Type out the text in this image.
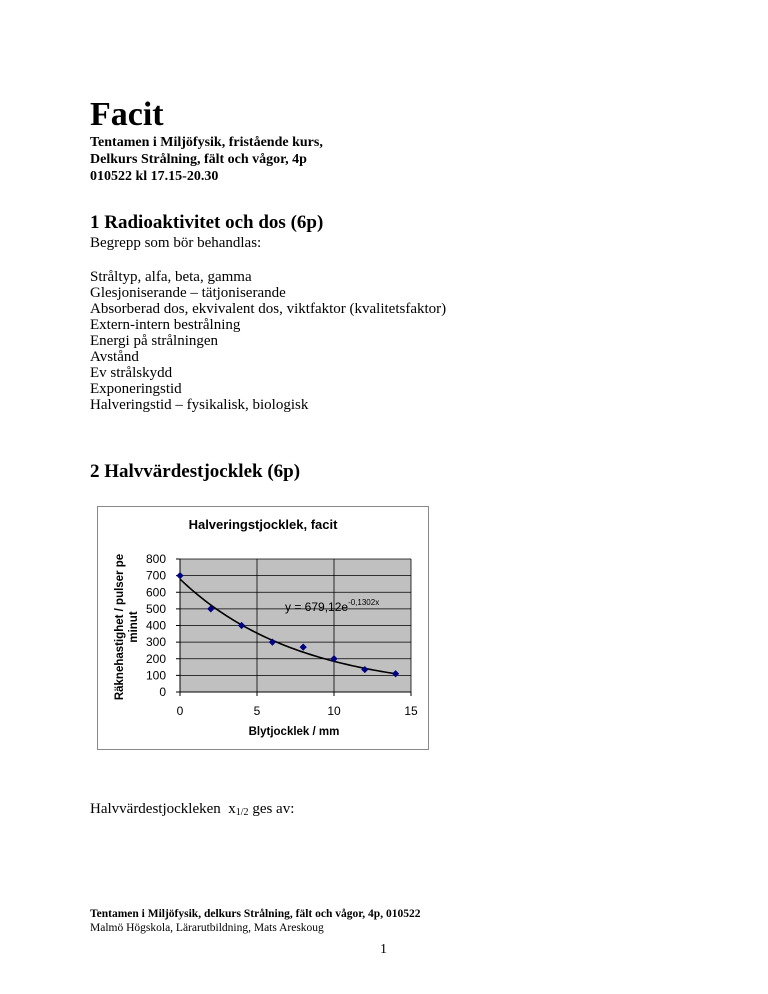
Facit
Tentamen i Miljöfysik, fristående kurs,
Delkurs Strålning, fält och vågor, 4p
010522 kl 17.15-20.30
1 Radioaktivitet och dos (6p)
Begrepp som bör behandlas:
Stråltyp, alfa, beta, gamma
Glesjoniserande – tätjoniserande
Absorberad dos, ekvivalent dos, viktfaktor (kvalitetsfaktor)
Extern-intern bestrålning
Energi på strålningen
Avstånd
Ev strålskydd
Exponeringstid
Halveringstid – fysikalisk, biologisk
2 Halvvärdestjocklek (6p)
Halveringstjocklek, facit
0
100
200
300
400
500
600
700
800
0	5	10	15
Blytjocklek / mm
Räknehastighet / pulser pe minut
$y = 679,12e^{-0,1302x}$
Halvvärdestjockleken $x_{1/2}$ ges av:
Tentamen i Miljöfysik, delkurs Strålning, fält och vågor, 4p, 010522
Malmö Högskola, Lärarutbildning, Mats Areskoug
1
